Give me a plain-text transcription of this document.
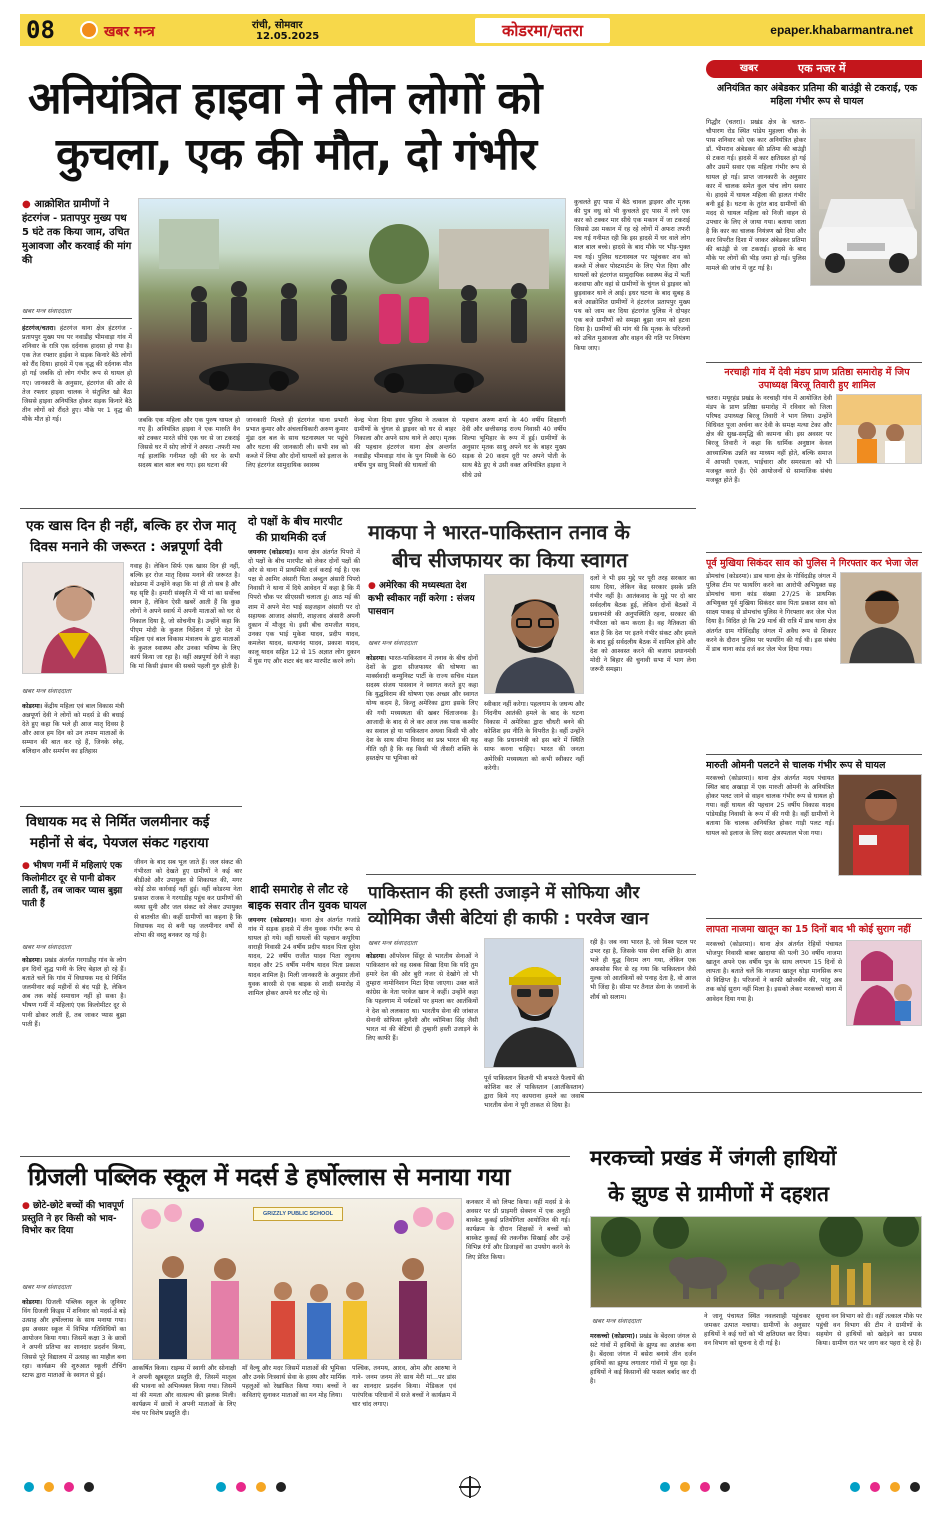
08	खबर मन्त्र	रांची, सोमवार
12.05.2025	कोडरमा/चतरा	epaper.khabarmantra.net
अनियंत्रित हाइवा ने तीन लोगों को
कुचला, एक की मौत, दो गंभीर
● आक्रोशित ग्रामीणों ने हंटरगंज - प्रतापपुर मुख्य पथ 5 घंटे तक किया जाम, उचित मुआवजा और करवाई की मांग की
खबर मन्त्र संवाददाता
हंटरगंज/चतरा। हंटरगंज थाना क्षेत्र हंटरगंज - प्रतापपुर मुख्य पथ पर नवाडीह भीमवाड़ा गांव में शनिवार के रात्रि एक दर्दनाक हादसा हो गया है। एक तेज रफ्तार हाईवा ने सड़क किनारे बैठे लोगों को रौंद दिया। हादसे में एक वृद्ध की दर्दनाक मौत हो गई जबकि दो लोग गंभीर रूप से घायल हो गए। जानकारी के अनुसार, हंटरगंज की ओर से तेज रफ्तार हाइवा चालक ने संतुलित खो बैठा जिससे हाइवा अनियंत्रित होकर सड़क किनारे बैठे तीन लोगों को रौंदते हुए। मौके पर 1 वृद्ध की मौके मौत हो गई।	जबकि एक महिला और एक पुरुष घायल हो गए हैं। अनियंत्रित हाइवा ने एक मारुति वैन को टक्कर मारते सीधे एक घर से जा टकराई जिससे घर में सोए लोगों ने अफरा -तफरी मच गई हालांकि गनीमत रही की घर के सभी सदस्य बाल बाल बच गए। इस घटना की
जानकारी मिलते ही हंटरगंज थाना प्रभारी प्रभात कुमार और अंचलाधिकारी अरुण कुमार मुंडा दल बल के साथ घटनास्थल पर पहुंचे और घटना की जानकारी ली। सभी शव को कब्जे में लिया और दोनों घायलों को इलाज के लिए हंटरगंज सामुदायिक स्वास्थ्य
केन्द्र भेजा दिया इधर पुलिस ने तत्काल से ग्रामीणों के चुंगल से ड्राइवर को घर से बाहर निकाला और अपने साथ थाने ले आए। मृतक की पहचान हंटरगंज थाना क्षेत्र अन्तर्गत नवाडीह भीमवाड़ा गांव के पुन मिस्त्री के 60 वर्षीय पुत्र साधु मिस्त्री की घायलों की
पहचान अरुण शर्मा के 40 वर्षीय शिक्षाणी देवी और छत्तीसगढ़ राज्य निवासी 40 वर्षीय शिल्पा भूमिहार के रूप में हुई। ग्रामीणों के अनुसार मृतक साधु अपने घर के बाहर मुख्य सड़क से 20 कदम दूरी पर अपने पोती के साथ बैठे हुए थे उसी वक्त अनियंत्रित हाइवा ने सीधे उसे
कुचलते हुए पास में बैठे चावल ड्राइवर और मृतक की पुत्र वधु को भी कुचलते हुए पास में लगे एक कार को टक्कर मार सीधे एक मकान में जा टकराई जिससे उस मकान में रह रहे लोगों में अफरा तफरी मच गई गनीमत रही कि इस हादसे में घर वाले लोग बाल बाल बच्चे। हादसे के बाद मौके पर भीड़-भुक्त मच गई। पुलिस घटनास्थल पर पहुंचकर शव को कब्जे में लेकर पोस्टमार्टम के लिए भेज दिया और घायलों को हंटरगंज सामुदायिक स्वास्थ्य केंद्र में भर्ती करवाया और वहां से ग्रामीणों के चुंगल से ड्राइवर को छुड़वाकर थाने ले आई। इधर घटना के बाद सुबह 8 बजे आक्रोशित ग्रामीणों ने हंटरगंज प्रतापपुर मुख्य पथ को जाम कर दिया हंटरगंज पुलिस ने दोपहर एक बजे ग्रामीणों को समझा बुझा जाम को हटवा दिया है। ग्रामीणों की मांग थी कि मृतक के परिजनों को उचित मुआवजा और वाहन की गति पर नियंत्रण किया जाए।
एक खास दिन ही नहीं, बल्कि हर रोज मातृ
दिवस मनाने की जरूरत : अन्नपूर्णा देवी
खबर मन्त्र संवाददाता
कोडरमा। केंद्रीय महिला एवं बाल विकास मंत्री अन्नपूर्णा देवी ने लोगों को मदर्स डे की बधाई देते हुए कहा कि भले ही आज मातृ दिवस है और आज हम दिन को उन तमाम माताओं के सम्मान की बात कर रहे हैं, जिनके स्नेह, बलिदान और समर्पण का इतिहास
गवाह है। लेकिन सिर्फ एक खास दिन ही नहीं, बल्कि हर रोज मातृ दिवस मनाने की जरूरत है। कोडरमा में उन्होंने कहा कि मां ही तो सब है और यह सृष्टि है। हमारी संस्कृति में भी मां का सर्वोच्च स्थान है, लेकिन ऐसी खबरें आती हैं कि कुछ लोगों ने अपने स्वार्थ में अपनी माताओं को घर से निकाल दिया है, जो सोचनीय है। उन्होंने कहा कि पीएम मोदी के कुशल निर्देशन में पूरे देश में महिला एवं बाल विकास मंत्रालय के द्वारा माताओं के कुशल स्वास्थ्य और उनका भविष्य के लिए कार्य किया जा रहा है। वहीं अन्नपूर्णा देवी ने कहा कि मां किसी इंसान की सबसे पहली गुरु होती है।
विधायक मद से निर्मित जलमीनार कई
महीनों से बंद, पेयजल संकट गहराया
● भीषण गर्मी में महिलाएं एक किलोमीटर दूर से पानी ढोकर लाती हैं, तब जाकर प्यास बुझा पाती हैं
खबर मन्त्र संवाददाता
कोडरमा। प्रखंड अंतर्गत गरगाडीह गांव के लोग इन दिनों शुद्ध पानी के लिए बेहाल हो रहे हैं। बताते चलें कि गांव में विधायक मद से निर्मित जलमीनार कई महीनों से बंद पड़ी है, लेकिन अब तक कोई समाधान नहीं हो सका है। भीषण गर्मी में महिलाएं एक किलोमीटर दूर से पानी ढोकर लाती हैं, तब जाकर प्यास बुझा पाती हैं।
जीवन के बाद सब भूल जाते हैं। जल संकट की गंभीरता को देखते हुए ग्रामीणों ने कई बार बीडीओ और उपायुक्त से शिकायत की, मगर कोई ठोस कार्रवाई नहीं हुई। वहीं कोडरमा नेता प्रकाश राजक ने गरगाडीह पहुंच कर ग्रामीणों की व्यथा सुनी और जल संकट को लेकर उपायुक्त से बातचीत की। कहीं ग्रामीणों का कहना है कि विधायक मद से बनी यह जलमीनार वर्षों से शोभा की वस्तु बनकर रह गई है।
दो पक्षों के बीच मारपीट
की प्राथमिकी दर्ज
जयनगर (कोडरमा)। थाना क्षेत्र अंतर्गत पिपरो में दो पक्षों के बीच मारपीट को लेकर दोनों पक्षों की ओर से थाना में प्राथमिकी दर्ज कराई गई है। एक पक्ष से आमिर अंसारी पिता अब्दुल अंसारी पिपरो निवासी ने थाना में दिये आवेदन में कहा है कि मैं पिपरो चौक पर सीएससी चलाता हूं। आठ मई की शाम में अपने मेरा भाई सहजहान अंसारी पर दो सहायक आजाद अंसारी, शाहजाद अंसारी अपनी दुकान में मौजूद थे। इसी बीच रामजीत यादव, उनका एक भाई मुकेश यादव, प्रदीप यादव, कमलेश यादव, सत्यानंद यादव, प्रकाश यादव, कालू यादव सहित 12 से 15 अज्ञात लोग दुकान में घुस गए और शटर बंद कर मारपीट करने लगे।
शादी समारोह से लौट रहे
बाइक सवार तीन युवक घायल
जयनगर (कोडरमा)। थाना क्षेत्र अंतर्गत गजांडे गांव में सड़क हादसे में तीन युवक गंभीर रूप से घायल हो गये। वहीं घायलों की पहचान कपूरिया वाराही निवासी 24 वर्षीय प्रदीप यादव पिता सुरेश यादव, 22 वर्षीय राजीत यादव पिता रघुनाथ यादव और 25 वर्षीय मनीष यादव पिता प्रकाश यादव शामिल है। मिली जानकारी के अनुसार तीनों युवक बारसी से एक बाइक से शादी समारोह में शामिल होकर अपने घर लौट रहे थे।
माकपा ने भारत-पाकिस्तान तनाव के
बीच सीजफायर का किया स्वागत
● अमेरिका की मध्यस्थता देश कभी स्वीकार नहीं करेगा : संजय पासवान
खबर मन्त्र संवाददाता
कोडरमा। भारत-पाकिस्तान में तनाव के बीच दोनों देशों के द्वारा सीजफायर की घोषणा का मार्क्सवादी कम्युनिस्ट पार्टी के राज्य सचिव मंडल सदस्य संजय पासवान ने स्वागत करते हुए कहा कि युद्धविराम की घोषणा एक अच्छा और स्वागत योग्य कदम है, किन्तु अमेरिका द्वारा इसके लिए की गयी मध्यस्थता की खबर चिंताजनक है। आजादी के बाद से ले कर आज तक पाक कश्मीर का सवाल हो या पाकिस्तान अथवा किसी भी और देश के साथ सीमा विवाद का प्रश्न भारत की यह नीति रही है कि वह किसी भी तीसरी शक्ति के हस्तक्षेप या भूमिका को
स्वीकार नहीं करेगा। पहलगाम के जघन्य और निंदनीय आतंकी हमले के बाद के घटना विकास में अमेरिका द्वारा चौधरी बनने की कोशिश इस नीति के विपरीत है। वहीं उन्होंने कहा कि प्रधानमंत्री को इस बारे में स्थिति साफ करना चाहिए। भारत की जनता अमेरिकी मध्यस्थता को कभी स्वीकार नहीं करेगी।
दलों ने भी इस मुद्दे पर पूरी तरह सरकार का साथ दिया, लेकिन केंद्र सरकार इसके प्रति गंभीर नहीं है। आतंकवाद के मुद्दे पर दो बार सर्वदलीय बैठक हुई, लेकिन दोनों बैठकों में प्रधानमंत्री की अनुपस्थिति रहना, सरकार की गंभीरता को कम करता है। वह नैतिकता की बात है कि देश पर इतने गंभीर संकट और हमले के बाद हुई सर्वदलीय बैठक में शामिल होने और देश को आश्वस्त करने की बजाय प्रधानमंत्री मोदी ने बिहार की चुनावी सभा में भाग लेना जरूरी समझा।
पाकिस्तान की हस्ती उजाड़ने में सोफिया और
व्योमिका जैसी बेटियां ही काफी : परवेज खान
खबर मन्त्र संवाददाता
कोडरमा। ऑपरेशन सिंदूर से भारतीय सेनाओं ने पाकिस्तान को वह सबक सिखा दिया कि यदि तुम हमारे देश की ओर बुरी नजर से देखोगे तो भी तुम्हारा नामोनिशान मिटा दिया जाएगा। उक्त बातें कांग्रेस के नेता परवेज खान ने कहीं। उन्होंने कहा कि पहलगाम में पर्यटकों पर हमला कर आतंकियों ने देश को ललकारा था। भारतीय सेना की जांबाज सेनानी सोफिया कुरैशी और व्योमिका सिंह जैसी भारत मां की बेटियां ही तुम्हारी हस्ती उजाड़ने के लिए काफी हैं।
पूर्व पाकिस्तान कितनी भी बफरते फैलायें की कोशिश कर लें पाकिस्तान (आतंकिस्तान) द्वारा किये गए कायराना हमले का जवाब भारतीय सेना ने पूरी ताकत से दिया है।
रही है। जब नया भारत है, जो विश्व पटल पर उभर रहा है, जिसके पास सेना शक्ति है। आज भले ही युद्ध विराम लग गया, लेकिन एक अफसोस फिर से रह गया कि पाकिस्तान जैसे मुल्क जो आतंकियों को पनाह देता है, वो आज भी जिंदा है। सीमा पर तैनात सेना के जवानों के शौर्य को सलाम।
खबर	एक नजर में
अनियंत्रित कार अंबेडकर प्रतिमा की बाउंड्री से टकराई, एक महिला गंभीर रूप से घायल
गिद्धौर (चतरा)। प्रखंड क्षेत्र के चतरा-चौपारण रोड स्थित पांडेय मुहल्ला चौक के पास शनिवार को एक कार अनियंत्रित होकर डॉ. भीमराव अंबेडकर की प्रतिमा की बाउंड्री से टकरा गई। हादसे में कार क्षतिग्रस्त हो गई और उसमें सवार एक महिला गंभीर रूप से घायल हो गई। प्राप्त जानकारी के अनुसार कार में चालक समेत कुल पांच लोग सवार थे। हादसे में घायल महिला की हालत गंभीर बनी हुई है। घटना के तुरंत बाद ग्रामीणों की मदद से घायल महिला को निजी वाहन से उपचार के लिए ले जाया गया। बताया जाता है कि कार का चालक नियंत्रण खो दिया और कार विपरीत दिशा में जाकर अंबेडकर प्रतिमा की बाउंड्री से जा टकराई। हादसे के बाद मौके पर लोगों की भीड़ जमा हो गई। पुलिस मामले की जांच में जुट गई है।
नरचाही गांव में देवी मंडप प्राण प्रतिष्ठा समारोह में जिप उपाध्यक्ष बिरजू तिवारी हुए शामिल
चतरा। मयूरहंड प्रखंड के नरचाही गांव में आयोजित देवी मंडप के प्राण प्रतिष्ठा समारोह में रविवार को जिला परिषद उपाध्यक्ष बिरजू तिवारी ने भाग लिया। उन्होंने विधिवत पूजा अर्चना कर देवी के समक्ष मत्था टेका और क्षेत्र की सुख-समृद्धि की कामना की। इस अवसर पर बिरजू तिवारी ने कहा कि धार्मिक अनुष्ठान केवल आध्यात्मिक उन्नति का माध्यम नहीं होते, बल्कि समाज में आपसी एकता, भाईचारा और समरसता को भी मजबूत करते हैं। ऐसे आयोजनों से सामाजिक संबंध मजबूत होते हैं।
पूर्व मुखिया सिकंदर साव को पुलिस ने गिरफ्तार कर भेजा जेल
डोमचांच (कोडरमा)। डाब थाना क्षेत्र के गोविंदडीह जंगल में पुलिस टीम पर फायरिंग करने का आरोपी अभियुक्त सह डोमचांच थाना कांड संख्या 27/25 के प्राथमिक अभियुक्त पूर्व मुखिया सिकंदर साव पिता प्रकाश साव को साक्ष्य पाकड़ से डोमचांच पुलिस ने गिरफ्तार कर जेल भेज दिया है। विदित हो कि 29 मार्च की रात्रि में डाब थाना क्षेत्र अंतर्गत ग्राम गोविंदडीह जंगल में अवैध रूप से शिकार करने के दौरान पुलिस पर फायरिंग की गई थी। इस संबंध में डाब थाना कांड दर्ज कर जेल भेज दिया गया।
मारुती ओमनी पलटने से चालक गंभीर रूप से घायल
मरकच्चो (कोडरमा)। थाना क्षेत्र अंतर्गत मदय पंचायत स्थित बाद अखाड़ा में एक मारुती ओमनी के अनियंत्रित होकर पलट जाने से वाहन चालक गंभीर रूप से घायल हो गया। वहीं घायल की पहचान 25 वर्षीय विकास यादव पांडेयडीह निवासी के रूप में की गयी है। वहीं ग्रामीणों ने बताया कि चालक अनियंत्रित होकर गाड़ी पलट गई। घायल को इलाज के लिए सदर अस्पताल भेजा गया।
लापता नाजमा खातून का 15 दिनों बाद भी कोई सुराग नहीं
मरकच्चो (कोडरमा)। थाना क्षेत्र अंतर्गत रेहियों पंचायत भोजपुर निवासी बाबर खादाया की पत्नी 30 वर्षीय नाजमा खातून अपने एक वर्षीय पुत्र के साथ लगभग 15 दिनों से लापता है। बताते चलें कि नाजमा खातून थोड़ा मानसिक रूप से विक्षिप्त है। परिजनों ने काफी खोजबीन की, परंतु अब तक कोई सुराग नहीं मिला है। इसको लेकर मरकच्चो थाना में आवेदन दिया गया है।
ग्रिजली पब्लिक स्कूल में मदर्स डे हर्षोल्लास से मनाया गया
● छोटे-छोटे बच्चों की भावपूर्ण प्रस्तुति ने हर किसी को भाव-विभोर कर दिया
खबर मन्त्र संवाददाता
कोडरमा। ग्रिजली पब्लिक स्कूल के जूनियर विंग ग्रिजली किड्स में शनिवार को मदर्स-डे बड़े उत्साह और हर्षोल्लास के साथ मनाया गया। इस अवसर स्कूल में विभिन्न गतिविधियों का आयोजन किया गया। जिसमें कक्षा 3 के छात्रों ने अपनी प्रतिभा का शानदार प्रदर्शन किया, जिससे पूरे विद्यालय में उत्साह का माहौल बना रहा। कार्यक्रम की शुरुआत स्कूली टीचिंग स्टाफ द्वारा माताओं के स्वागत से हुई।
GRIZZLY PUBLIC SCHOOL
आकर्षित किया। राइम्स में स्वागी और सोनाक्षी ने अपनी खूबसूरत प्रस्तुति दी, जिसमें मातृत्व की भावना को अभिव्यक्त किया गया। जिसमें मां की ममता और वात्सल्य की झलक मिली। कार्यक्रम में छात्रों ने अपनी माताओं के लिए मंच पर विशेष प्रस्तुति दी।
माँ वैल्यू और मदर जिसमें माताओं की भूमिका और उनके निःस्वार्थ सेवा के हास्य और मार्मिक पहलुओं को रेखांकित किया गया। बच्चों ने कविताएं सुनाकर माताओं का मन मोह लिया।
पश्चिक, तनमय, आरव, ओम और आरुषा ने गाने- जनम जनम तेरे साथ मेरी मां...पर डांस का शानदार प्रदर्शन किया। मेडिकल एवं पारंपरिक परिधानों में सजे बच्चों ने कार्यक्रम में चार चांद लगाए।
कनकार में को लिफ्ट किया। वहीं मदर्स डे के अवसर पर प्री प्राइमरी सेक्शन में एक अनूठी बास्केट कुकई प्रतियोगिता आयोजित की गई। कार्यक्रम के दौरान शिक्षकों ने बच्चों को बास्केट कुकई की तकनीक सिखाई और उन्हें विभिन्न रंगों और डिजाइनों का उपयोग करने के लिए प्रेरित किया।
मरकच्चो प्रखंड में जंगली हाथियों
के झुण्ड से ग्रामीणों में दहशत
खबर मन्त्र संवाददाता
मरकच्चो (कोडरमा)। प्रखंड के बेंदरवा जंगल से सटे गांवों में हाथियों के झुण्ड का आतंक बना है। बेंदरवा जंगल में बसेरा बनाये तीन दर्जन हाथियों का झुण्ड लगातार गांवों में घुस रहा है। हाथियों ने कई किसानों की फसल बर्बाद कर दी है।
ने जानू पंचायत स्थित नवलशाही पहुंचकर जमकर उत्पात मचाया। ग्रामीणों के अनुसार हाथियों ने कई घरों को भी क्षतिग्रस्त कर दिया। वन विभाग को सूचना दे दी गई है।
सूचना वन विभाग को दी। वहीं तत्काल मौके पर पहुंची वन विभाग की टीम ने ग्रामीणों के सहयोग से हाथियों को खदेड़ने का प्रयास किया। ग्रामीण रात भर जाग कर पहरा दे रहे हैं।
